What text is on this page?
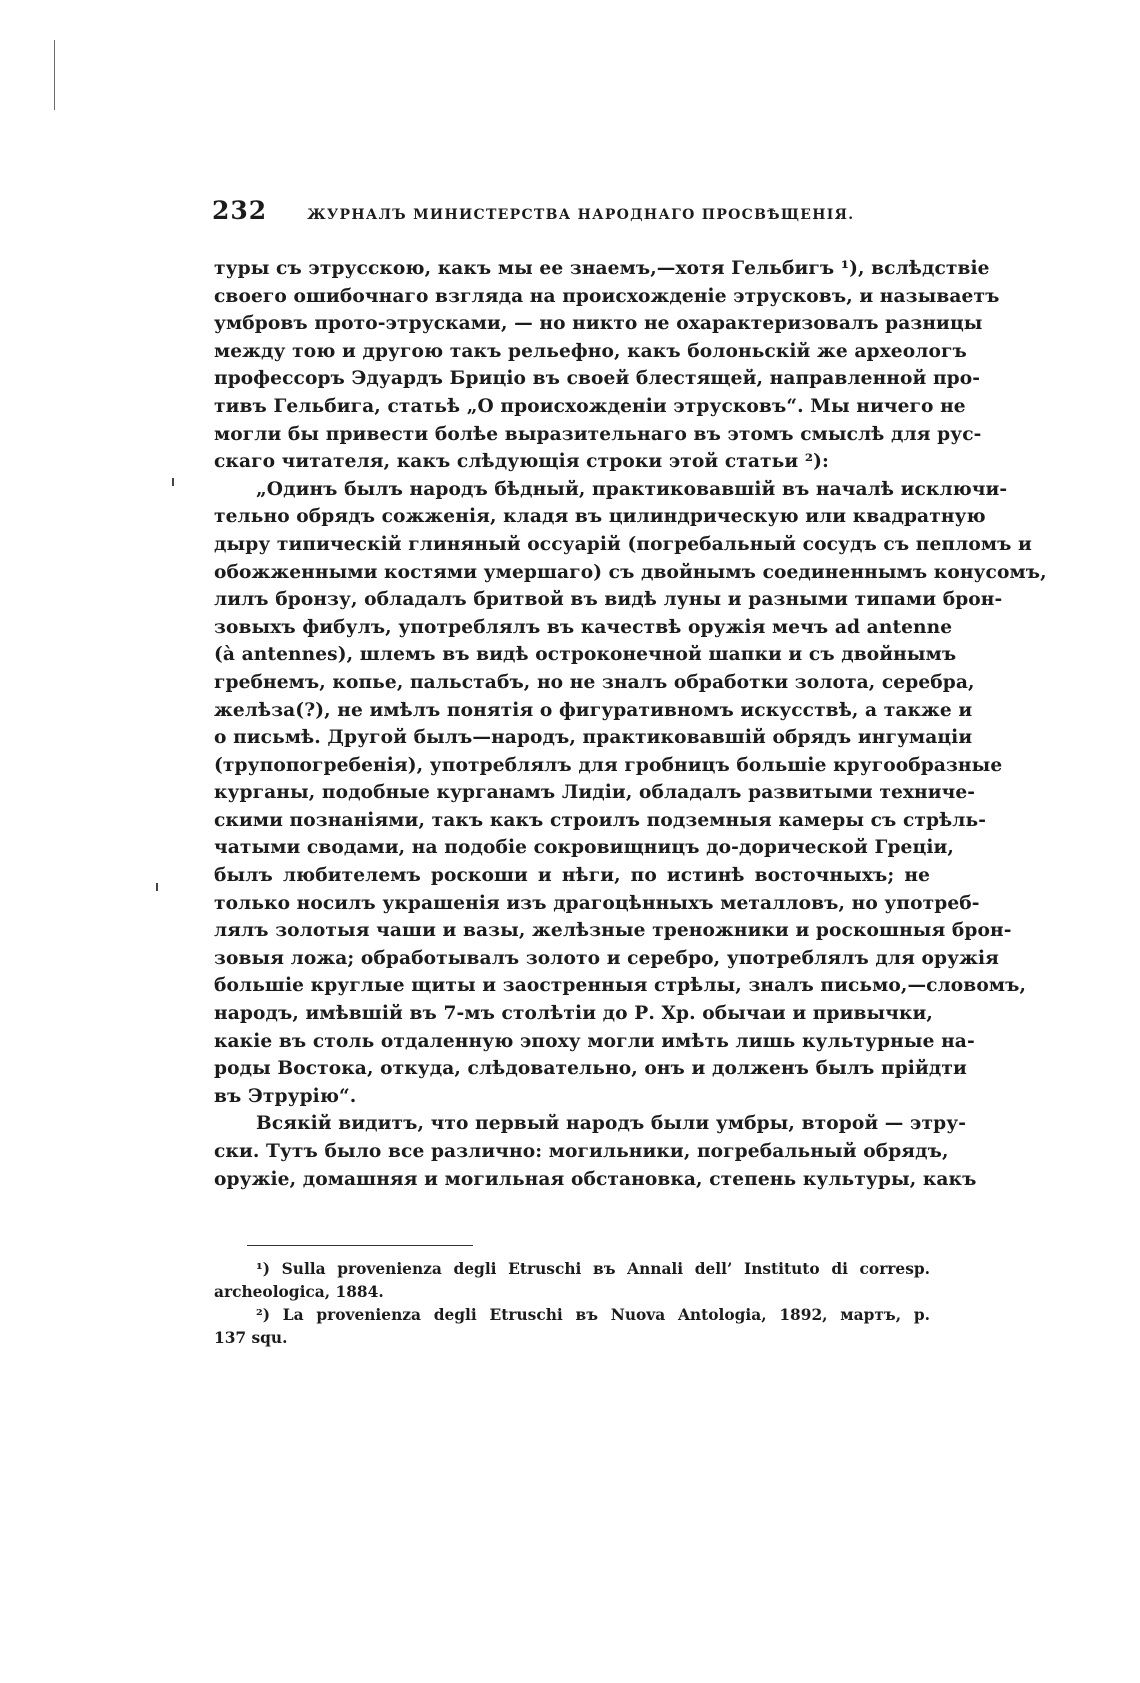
232	ЖУРНАЛЪ МИНИСТЕРСТВА НАРОДНАГО ПРОСВѢЩЕНІЯ.
туры съ этрусскою, какъ мы ее знаемъ,—хотя Гельбигъ ¹), вслѣдствіе
своего ошибочнаго взгляда на происхожденіе этрусковъ, и называетъ
умбровъ прото-этрусками, — но никто не охарактеризовалъ разницы
между тою и другою такъ рельефно, какъ болоньскій же археологъ
профессоръ Эдуардъ Бриціо въ своей блестящей, направленной про-
тивъ Гельбига, статьѣ „О происхожденіи этрусковъ“. Мы ничего не
могли бы привести болѣе выразительнаго въ этомъ смыслѣ для рус-
скаго читателя, какъ слѣдующія строки этой статьи ²):
„Одинъ былъ народъ бѣдный, практиковавшій въ началѣ исключи-
тельно обрядъ сожженія, кладя въ цилиндрическую или квадратную
дыру типическій глиняный оссуарій (погребальный сосудъ съ пепломъ и
обожженными костями умершаго) съ двойнымъ соединеннымъ конусомъ,
лилъ бронзу, обладалъ бритвой въ видѣ луны и разными типами брон-
зовыхъ фибулъ, употреблялъ въ качествѣ оружія мечъ ad antenne
(à antennes), шлемъ въ видѣ остроконечной шапки и съ двойнымъ
гребнемъ, копье, пальстабъ, но не зналъ обработки золота, серебра,
желѣза(?), не имѣлъ понятія о фигуративномъ искусствѣ, а также и
о письмѣ. Другой былъ—народъ, практиковавшій обрядъ ингумаціи
(трупопогребенія), употреблялъ для гробницъ большіе кругообразные
курганы, подобные курганамъ Лидіи, обладалъ развитыми техниче-
скими познаніями, такъ какъ строилъ подземныя камеры съ стрѣль-
чатыми сводами, на подобіе сокровищницъ до-дорической Греціи,
былъ любителемъ роскоши и нѣги, по истинѣ восточныхъ; не
только носилъ украшенія изъ драгоцѣнныхъ металловъ, но употреб-
лялъ золотыя чаши и вазы, желѣзные треножники и роскошныя брон-
зовыя ложа; обработывалъ золото и серебро, употреблялъ для оружія
большіе круглые щиты и заостренныя стрѣлы, зналъ письмо,—словомъ,
народъ, имѣвшій въ 7-мъ столѣтіи до Р. Хр. обычаи и привычки,
какіе въ столь отдаленную эпоху могли имѣть лишь культурные на-
роды Востока, откуда, слѣдовательно, онъ и долженъ былъ прійдти
въ Этрурію“.
Всякій видитъ, что первый народъ были умбры, второй — этру-
ски. Тутъ было все различно: могильники, погребальный обрядъ,
оружіе, домашняя и могильная обстановка, степень культуры, какъ
¹) Sulla provenienza degli Etruschi въ Annali dell’ Instituto di corresp.
archeologica, 1884.
²) La provenienza degli Etruschi въ Nuova Antologia, 1892, мартъ, p.
137 squ.
